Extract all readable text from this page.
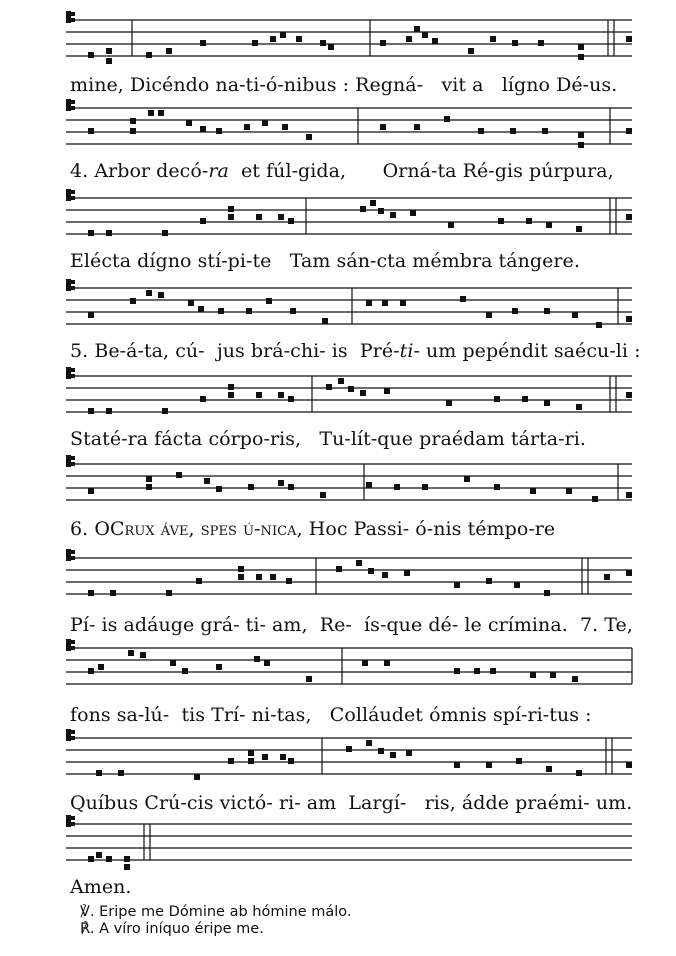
mine, Dicéndo na-ti-ó-nibus : Regná-   vit a   lígno Dé-us.
4. Arbor decó-ra  et fúl-gida,      Orná-ta Ré-gis púrpura,
Elécta dígno stí-pi-te   Tam sán-cta mémbra tángere.
5. Be-á-ta, cú-  jus brá-chi- is  Pré-ti- um pepéndit saécu-li :
Staté-ra fácta córpo-ris,   Tu-lít-que praédam tárta-ri.
6. OCrux áve, spes ú-nica, Hoc Passi- ó-nis témpo-re
Pí- is adáuge grá- ti- am,  Re-  ís-que dé- le crímina.  7. Te,
fons sa-lú-  tis Trí- ni-tas,   Colláudet ómnis spí-ri-tus :
Quíbus Crú-cis victó- ri- am  Largí-   ris, ádde praémi- um.
Amen.
℣. Eripe me Dómine ab hómine málo.
℟. A víro iníquo éripe me.
